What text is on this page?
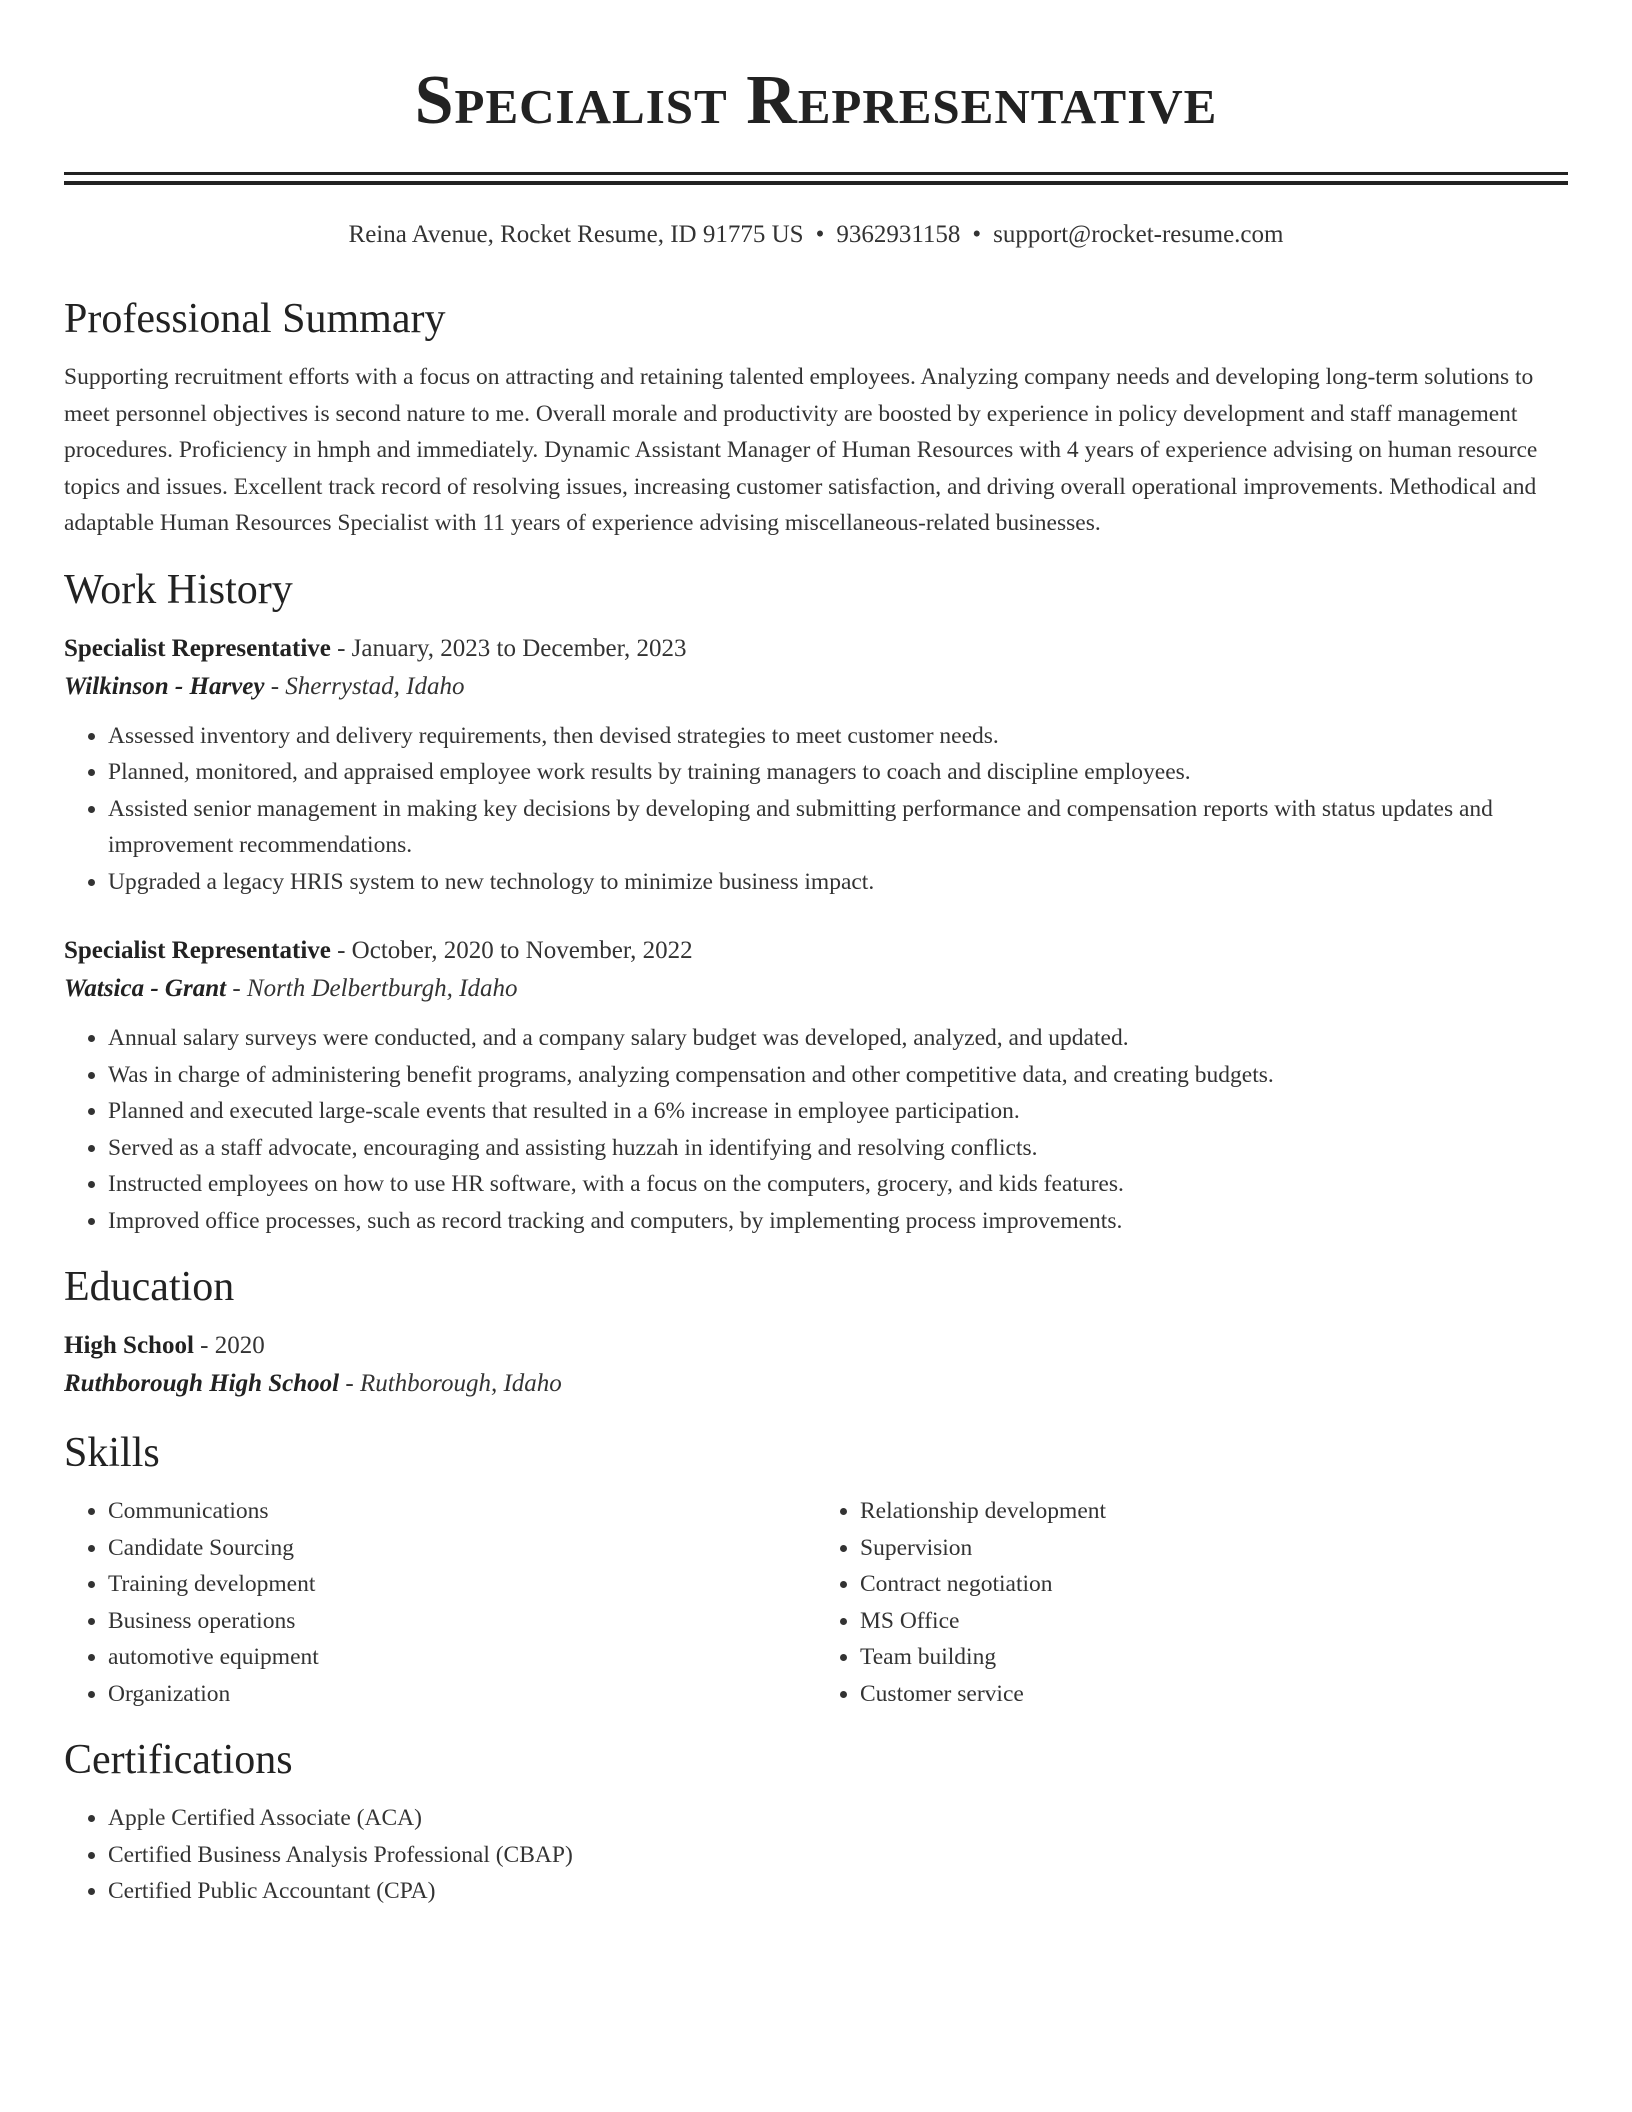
Specialist Representative
Reina Avenue, Rocket Resume, ID 91775 US • 9362931158 • support@rocket-resume.com
Professional Summary
Supporting recruitment efforts with a focus on attracting and retaining talented employees. Analyzing company needs and developing long-term solutions to meet personnel objectives is second nature to me. Overall morale and productivity are boosted by experience in policy development and staff management procedures. Proficiency in hmph and immediately. Dynamic Assistant Manager of Human Resources with 4 years of experience advising on human resource topics and issues. Excellent track record of resolving issues, increasing customer satisfaction, and driving overall operational improvements. Methodical and adaptable Human Resources Specialist with 11 years of experience advising miscellaneous-related businesses.
Work History
Specialist Representative - January, 2023 to December, 2023
Wilkinson - Harvey - Sherrystad, Idaho
• Assessed inventory and delivery requirements, then devised strategies to meet customer needs.
• Planned, monitored, and appraised employee work results by training managers to coach and discipline employees.
• Assisted senior management in making key decisions by developing and submitting performance and compensation reports with status updates and improvement recommendations.
• Upgraded a legacy HRIS system to new technology to minimize business impact.
Specialist Representative - October, 2020 to November, 2022
Watsica - Grant - North Delbertburgh, Idaho
• Annual salary surveys were conducted, and a company salary budget was developed, analyzed, and updated.
• Was in charge of administering benefit programs, analyzing compensation and other competitive data, and creating budgets.
• Planned and executed large-scale events that resulted in a 6% increase in employee participation.
• Served as a staff advocate, encouraging and assisting huzzah in identifying and resolving conflicts.
• Instructed employees on how to use HR software, with a focus on the computers, grocery, and kids features.
• Improved office processes, such as record tracking and computers, by implementing process improvements.
Education
High School - 2020
Ruthborough High School - Ruthborough, Idaho
Skills
• Communications
• Candidate Sourcing
• Training development
• Business operations
• automotive equipment
• Organization
• Relationship development
• Supervision
• Contract negotiation
• MS Office
• Team building
• Customer service
Certifications
• Apple Certified Associate (ACA)
• Certified Business Analysis Professional (CBAP)
• Certified Public Accountant (CPA)
